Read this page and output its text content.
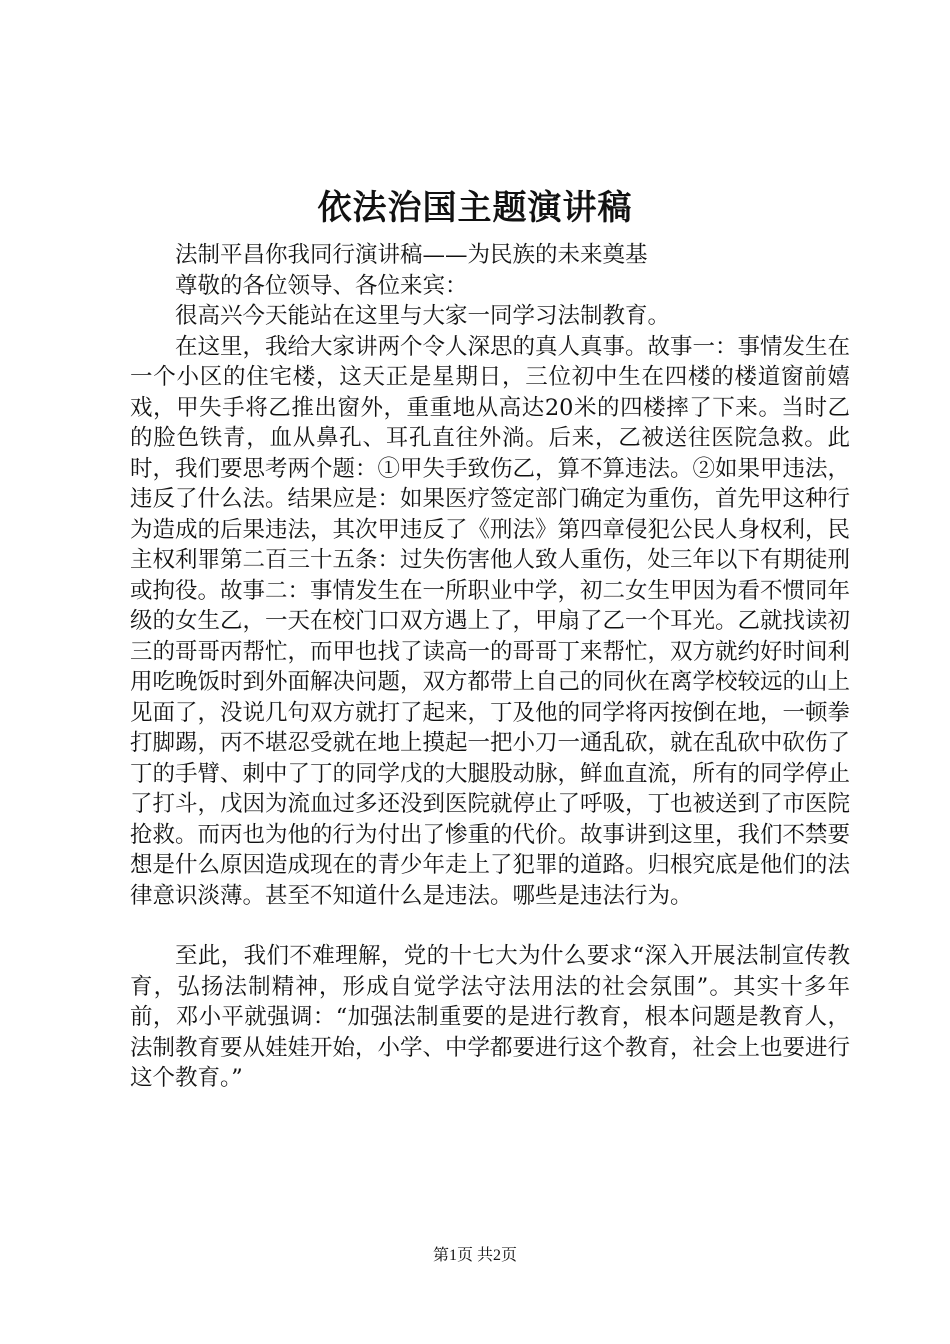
依法治国主题演讲稿

法制平昌你我同行演讲稿——为民族的未来奠基

尊敬的各位领导、各位来宾：

很高兴今天能站在这里与大家一同学习法制教育。

在这里，我给大家讲两个令人深思的真人真事。故事一：事情发生在一个小区的住宅楼，这天正是星期日，三位初中生在四楼的楼道窗前嬉戏，甲失手将乙推出窗外，重重地从高达20米的四楼摔了下来。当时乙的脸色铁青，血从鼻孔、耳孔直往外淌。后来，乙被送往医院急救。此时，我们要思考两个题：①甲失手致伤乙，算不算违法。②如果甲违法，违反了什么法。结果应是：如果医疗签定部门确定为重伤，首先甲这种行为造成的后果违法，其次甲违反了《刑法》第四章侵犯公民人身权利，民主权利罪第二百三十五条：过失伤害他人致人重伤，处三年以下有期徒刑或拘役。故事二：事情发生在一所职业中学，初二女生甲因为看不惯同年级的女生乙，一天在校门口双方遇上了，甲扇了乙一个耳光。乙就找读初三的哥哥丙帮忙，而甲也找了读高一的哥哥丁来帮忙，双方就约好时间利用吃晚饭时到外面解决问题，双方都带上自己的同伙在离学校较远的山上见面了，没说几句双方就打了起来，丁及他的同学将丙按倒在地，一顿拳打脚踢，丙不堪忍受就在地上摸起一把小刀一通乱砍，就在乱砍中砍伤了丁的手臂、刺中了丁的同学戊的大腿股动脉，鲜血直流，所有的同学停止了打斗，戊因为流血过多还没到医院就停止了呼吸，丁也被送到了市医院抢救。而丙也为他的行为付出了惨重的代价。故事讲到这里，我们不禁要想是什么原因造成现在的青少年走上了犯罪的道路。归根究底是他们的法律意识淡薄。甚至不知道什么是违法。哪些是违法行为。

至此，我们不难理解，党的十七大为什么要求“深入开展法制宣传教育，弘扬法制精神，形成自觉学法守法用法的社会氛围”。其实十多年前，邓小平就强调：“加强法制重要的是进行教育，根本问题是教育人，法制教育要从娃娃开始，小学、中学都要进行这个教育，社会上也要进行这个教育。”

第1页 共2页
